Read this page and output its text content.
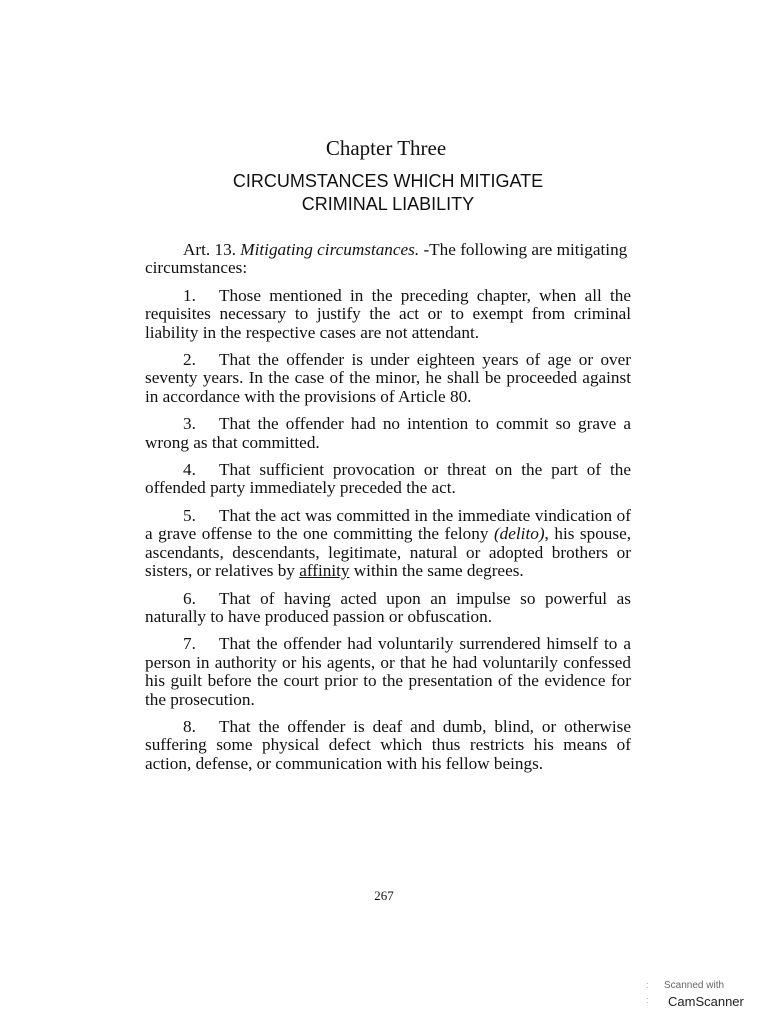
Chapter Three
CIRCUMSTANCES WHICH MITIGATE
CRIMINAL LIABILITY

Art. 13. Mitigating circumstances. -The following are mitigating circumstances:

1. Those mentioned in the preceding chapter, when all the requisites necessary to justify the act or to exempt from criminal liability in the respective cases are not attendant.

2. That the offender is under eighteen years of age or over seventy years. In the case of the minor, he shall be proceeded against in accordance with the provisions of Article 80.

3. That the offender had no intention to commit so grave a wrong as that committed.

4. That sufficient provocation or threat on the part of the offended party immediately preceded the act.

5. That the act was committed in the immediate vindication of a grave offense to the one committing the felony (delito), his spouse, ascendants, descendants, legitimate, natural or adopted brothers or sisters, or relatives by affinity within the same degrees.

6. That of having acted upon an impulse so powerful as naturally to have produced passion or obfuscation.

7. That the offender had voluntarily surrendered himself to a person in authority or his agents, or that he had voluntarily confessed his guilt before the court prior to the presentation of the evidence for the prosecution.

8. That the offender is deaf and dumb, blind, or otherwise suffering some physical defect which thus restricts his means of action, defense, or communication with his fellow beings.

267
:
:
Scanned with
CamScanner
